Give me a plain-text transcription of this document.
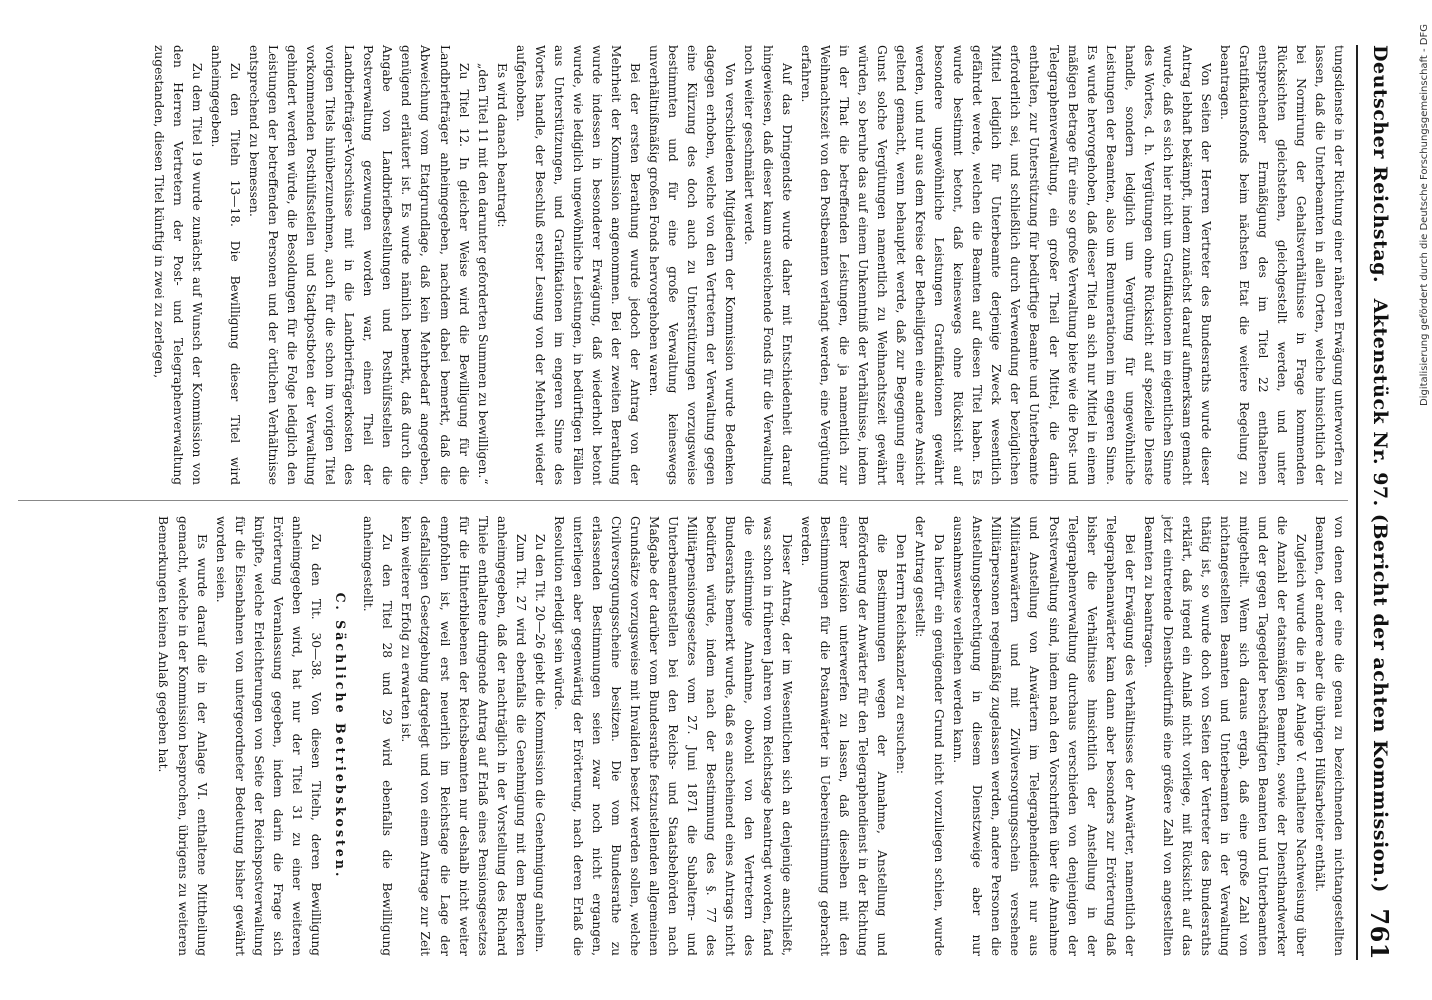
Deutscher Reichstag.
Aktenstück Nr. 97. (Bericht der achten Kommission.)
761

tungsdienste in der Richtung einer näheren Erwägung unterworfen zu lassen, daß die Unterbeamten in allen Orten, welche hinsichtlich der bei Normirung der Gehaltsverhältnisse in Frage kommenden Rücksichten gleichstehen, gleichgestellt werden, und unter entsprechender Ermäßigung des im Titel 22 enthaltenen Gratifikationsfonds beim nächsten Etat die weitere Regelung zu beantragen.

Von Seiten der Herren Vertreter des Bundesraths wurde dieser Antrag lebhaft bekämpft, indem zunächst darauf aufmerksam gemacht wurde, daß es sich hier nicht um Gratifikationen im eigentlichen Sinne des Wortes, d. h. Vergütungen ohne Rücksicht auf spezielle Dienste handle, sondern lediglich um Vergütung für ungewöhnliche Leistungen der Beamten, also um Remunerationen im engeren Sinne. Es wurde hervorgehoben, daß dieser Titel an sich nur Mittel in einem mäßigen Betrage für eine so große Verwaltung biete wie die Post- und Telegraphenverwaltung, ein großer Theil der Mittel, die darin enthalten, zur Unterstützung für bedürftige Beamte und Unterbeamte erforderlich sei, und schließlich durch Verwendung der bezüglichen Mittel lediglich für Unterbeamte derjenige Zweck wesentlich gefährdet werde, welchen die Beamten auf diesen Titel haben. Es wurde bestimmt betont, daß keineswegs ohne Rücksicht auf besondere ungewöhnliche Leistungen Gratifikationen gewährt werden, und nur aus dem Kreise der Betheiligten eine andere Ansicht geltend gemacht, wenn behauptet werde, daß zur Begegnung einer Gunst solche Vergütungen namentlich zu Weihnachtszeit gewährt würden, so beruhe das auf einem Unkenntniß der Verhältnisse, indem in der That die betreffenden Leistungen, die ja namentlich zur Weihnachtszeit von den Postbeamten verlangt werden, eine Vergütung erfahren.

Auf das Dringendste wurde daher mit Entschiedenheit darauf hingewiesen, daß dieser kaum ausreichende Fonds für die Verwaltung noch weiter geschmälert werde.

Von verschiedenen Mitgliedern der Kommission wurde Bedenken dagegen erhoben, welche von den Vertretern der Verwaltung gegen eine Kürzung des doch auch zu Unterstützungen vorzugsweise bestimmten und für eine große Verwaltung keineswegs unverhältnißmäßig großen Fonds hervorgehoben waren.

Bei der ersten Berathung wurde jedoch der Antrag von der Mehrheit der Kommission angenommen. Bei der zweiten Berathung wurde indessen in besonderer Erwägung, daß wiederholt betont wurde, wie lediglich ungewöhnliche Leistungen, in bedürftigen Fällen aus Unterstützungen, und Gratifikationen im engeren Sinne des Wortes handle, der Beschluß erster Lesung von der Mehrheit wieder aufgehoben.

Es wird danach beantragt:

„den Titel 11 mit den darunter geforderten Summen zu bewilligen.“

Zu Titel 12. In gleicher Weise wird die Bewilligung für die Landbriefträger anheimgegeben, nachdem dabei bemerkt, daß die Abweichung vom Etatgrundlage, daß kein Mehrbedarf angegeben, genügend erläutert ist. Es wurde nämlich bemerkt, daß durch die Angabe von Landbriefbestellungen und Posthülfsstellen die Postverwaltung gezwungen worden war, einen Theil der Landbriefträger-Vorschüsse mit in die Landbriefträgerkosten des vorigen Titels hinüberzunehmen, auch für die schon im vorigen Titel vorkommenden Posthülfsstellen und Stadtpostboten der Verwaltung gehindert werden würde, die Besoldungen für die Folge lediglich den Leistungen der betreffenden Personen und der örtlichen Verhältnisse entsprechend zu bemessen.

Zu den Titeln 13—18. Die Bewilligung dieser Titel wird anheimgegeben.

Zu dem Titel 19 wurde zunächst auf Wunsch der Kommission von den Herren Vertretern der Post- und Telegraphenverwaltung zugestanden, diesen Titel künftig in zwei zu zerlegen,

von denen der eine die genau zu bezeichnenden nichtangestellten Beamten, der andere aber die übrigen Hülfsarbeiter enthält.

Zugleich wurde die in der Anlage V. enthaltene Nachweisung über die Anzahl der etatsmäßigen Beamten, sowie der Diensthandwerker und der gegen Tagegelder beschäftigten Beamten und Unterbeamten mitgetheilt. Wenn sich daraus ergab, daß eine große Zahl von nichtangestellten Beamten und Unterbeamten in der Verwaltung thätig ist, so wurde doch von Seiten der Vertreter des Bundesraths erklärt, daß irgend ein Anlaß nicht vorliege, mit Rücksicht auf das jetzt eintretende Dienstbedürfniß eine größere Zahl von angestellten Beamten zu beantragen.

Bei der Erwägung des Verhältnisses der Anwärter, namentlich der Telegraphenanwärter kam dann aber besonders zur Erörterung daß bisher die Verhältnisse hinsichtlich der Anstellung in der Telegraphenverwaltung durchaus verschieden von denjenigen der Postverwaltung sind, indem nach den Vorschriften über die Annahme und Anstellung von Anwärtern im Telegraphendienst nur aus Militäranwärtern und mit Zivilversorgungsschein versehene Militärpersonen regelmäßig zugelassen werden, andere Personen die Anstellungsberechtigung in diesem Dienstzweige aber nur ausnahmsweise verliehen werden kann.

Da hierfür ein genügender Grund nicht vorzuliegen schien, wurde der Antrag gestellt:

Den Herrn Reichskanzler zu ersuchen:

die Bestimmungen wegen der Annahme, Anstellung und Beförderung der Anwärter für den Telegraphendienst in der Richtung einer Revision unterwerfen zu lassen, daß dieselben mit den Bestimmungen für die Postanwärter in Uebereinstimmung gebracht werden.

Dieser Antrag, der im Wesentlichen sich an denjenige anschließt, was schon in früheren Jahren vom Reichstage beantragt worden, fand die einstimmige Annahme, obwohl von den Vertretern des Bundesraths bemerkt wurde, daß es anscheinend eines Antrags nicht bedürfen würde, indem nach der Bestimmung des §. 77 des Militärpensionsgesetzes vom 27. Juni 1871 die Subaltern- und Unterbeamtenstellen bei den Reichs- und Staatsbehörden nach Maßgabe der darüber vom Bundesrathe festzustellenden allgemeinen Grundsätze vorzugsweise mit Invaliden besetzt werden sollen, welche Civilversorgungsscheine besitzen. Die vom Bundesrathe zu erlassenden Bestimmungen seien zwar noch nicht ergangen, unterliegen aber gegenwärtig der Erörterung, nach deren Erlaß die Resolution erledigt sein würde.

Zu den Tit. 20—26 giebt die Kommission die Genehmigung anheim.

Zum Tit. 27 wird ebenfalls die Genehmigung mit dem Bemerken anheimgegeben, daß der nachträglich in der Vorstellung des Richard Thiele enthaltene dringende Antrag auf Erlaß eines Pensionsgesetzes für die Hinterbliebenen der Reichsbeamten nur deshalb nicht weiter empfohlen ist, weil erst neuerlich im Reichstage die Lage der desfallsigen Gesetzgebung dargelegt und von einem Antrage zur Zeit kein weiterer Erfolg zu erwarten ist.

Zu den Titel 28 und 29 wird ebenfalls die Bewilligung anheimgestellt.

C. Sächliche Betriebskosten.

Zu den Tit. 30—38. Von diesen Titeln, deren Bewilligung anheimgegeben wird, hat nur der Titel 31 zu einer weiteren Erörterung Veranlassung gegeben, indem darin die Frage sich knüpfte, welche Erleichterungen von Seite der Reichspostverwaltung für die Eisenbahnen von untergeordneter Bedeutung bisher gewährt worden seien.

Es wurde darauf die in der Anlage VI. enthaltene Mittheilung gemacht, welche in der Kommission besprochen, übrigens zu weiteren Bemerkungen keinen Anlaß gegeben hat.

Digitalisierung gefördert durch die Deutsche Forschungsgemeinschaft - DFG
